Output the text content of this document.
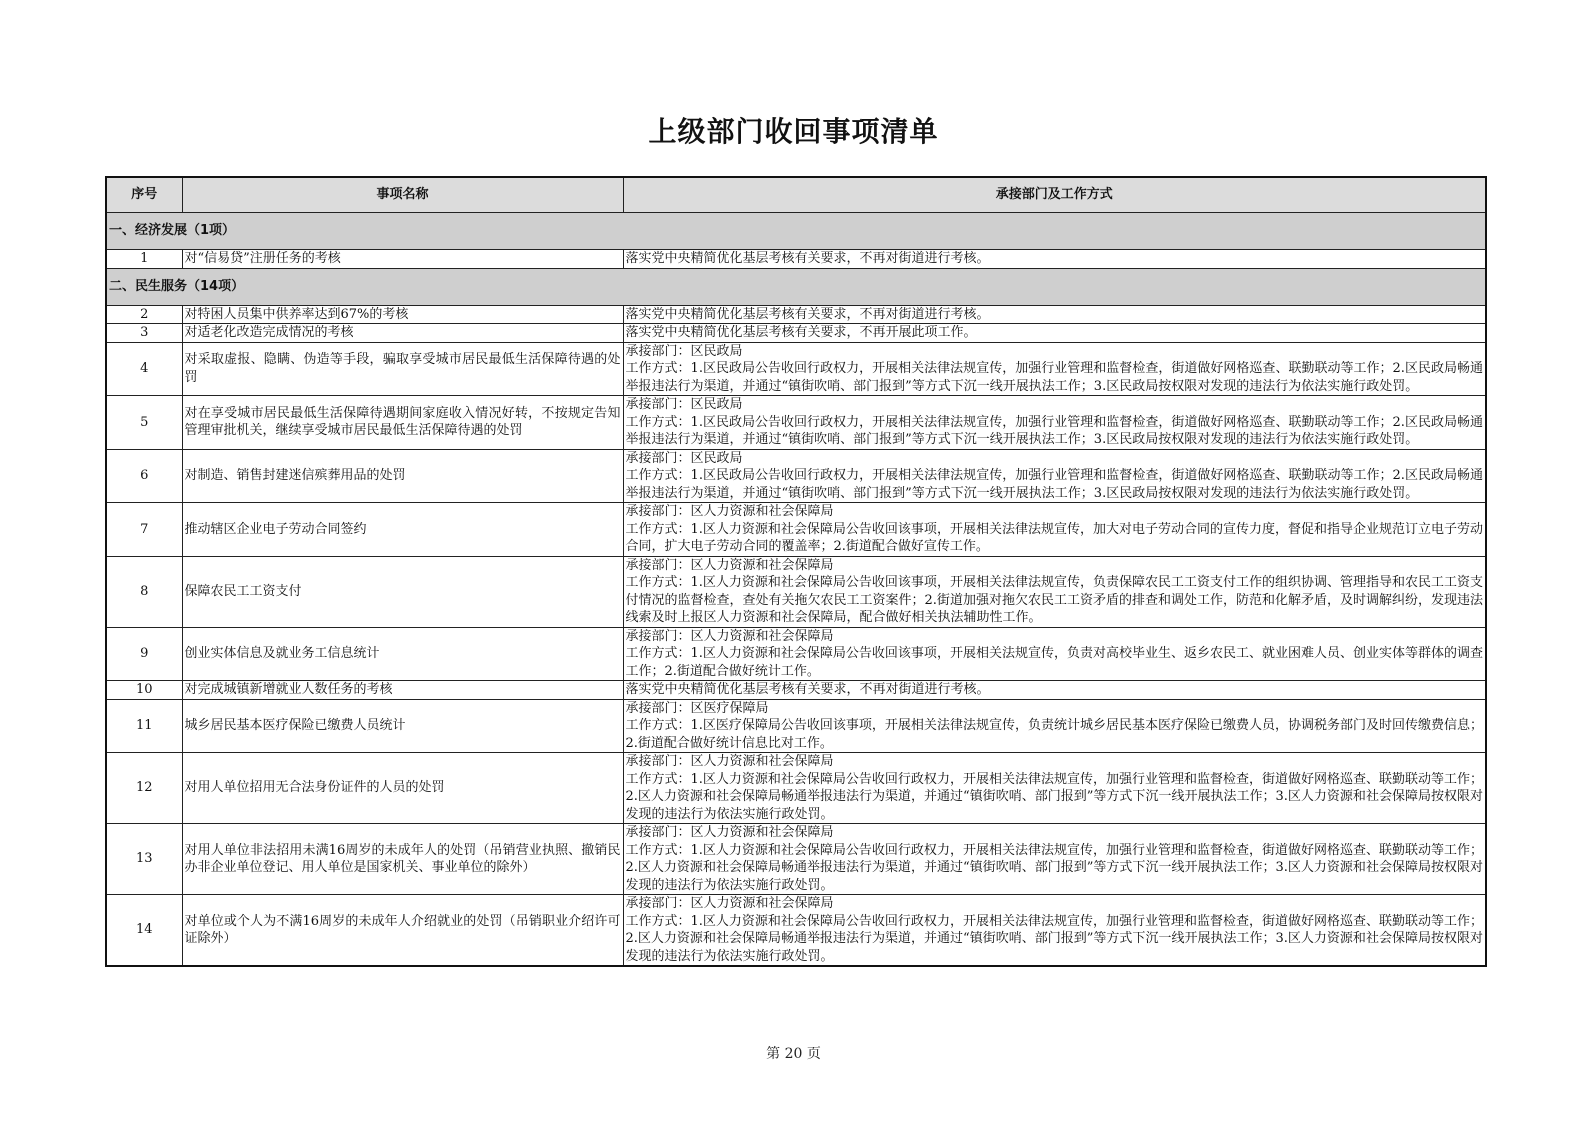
上级部门收回事项清单
序号	事项名称	承接部门及工作方式
一、经济发展（1项）		
1	对“信易贷”注册任务的考核	落实党中央精简优化基层考核有关要求，不再对街道进行考核。

二、民生服务（14项）		
2	对特困人员集中供养率达到67%的考核	落实党中央精简优化基层考核有关要求，不再对街道进行考核。

3	对适老化改造完成情况的考核	落实党中央精简优化基层考核有关要求，不再开展此项工作。

4	对采取虚报、隐瞒、伪造等手段，骗取享受城市居民最低生活保障待遇的处罚	承接部门：区民政局
工作方式：1.区民政局公告收回行政权力，开展相关法律法规宣传，加强行业管理和监督检查，街道做好网格巡查、联勤联动等工作；2.区民政局畅通举报违法行为渠道，并通过“镇街吹哨、部门报到”等方式下沉一线开展执法工作；3.区民政局按权限对发现的违法行为依法实施行政处罚。

5	对在享受城市居民最低生活保障待遇期间家庭收入情况好转，不按规定告知管理审批机关，继续享受城市居民最低生活保障待遇的处罚	承接部门：区民政局
工作方式：1.区民政局公告收回行政权力，开展相关法律法规宣传，加强行业管理和监督检查，街道做好网格巡查、联勤联动等工作；2.区民政局畅通举报违法行为渠道，并通过“镇街吹哨、部门报到”等方式下沉一线开展执法工作；3.区民政局按权限对发现的违法行为依法实施行政处罚。

6	对制造、销售封建迷信殡葬用品的处罚	承接部门：区民政局
工作方式：1.区民政局公告收回行政权力，开展相关法律法规宣传，加强行业管理和监督检查，街道做好网格巡查、联勤联动等工作；2.区民政局畅通举报违法行为渠道，并通过“镇街吹哨、部门报到”等方式下沉一线开展执法工作；3.区民政局按权限对发现的违法行为依法实施行政处罚。

7	推动辖区企业电子劳动合同签约	承接部门：区人力资源和社会保障局
工作方式：1.区人力资源和社会保障局公告收回该事项，开展相关法律法规宣传，加大对电子劳动合同的宣传力度，督促和指导企业规范订立电子劳动合同，扩大电子劳动合同的覆盖率；2.街道配合做好宣传工作。

8	保障农民工工资支付	承接部门：区人力资源和社会保障局
工作方式：1.区人力资源和社会保障局公告收回该事项，开展相关法律法规宣传，负责保障农民工工资支付工作的组织协调、管理指导和农民工工资支付情况的监督检查，查处有关拖欠农民工工资案件；2.街道加强对拖欠农民工工资矛盾的排查和调处工作，防范和化解矛盾，及时调解纠纷，发现违法线索及时上报区人力资源和社会保障局，配合做好相关执法辅助性工作。

9	创业实体信息及就业务工信息统计	承接部门：区人力资源和社会保障局
工作方式：1.区人力资源和社会保障局公告收回该事项，开展相关法规宣传，负责对高校毕业生、返乡农民工、就业困难人员、创业实体等群体的调查工作；2.街道配合做好统计工作。

10	对完成城镇新增就业人数任务的考核	落实党中央精简优化基层考核有关要求，不再对街道进行考核。

11	城乡居民基本医疗保险已缴费人员统计	承接部门：区医疗保障局
工作方式：1.区医疗保障局公告收回该事项，开展相关法律法规宣传，负责统计城乡居民基本医疗保险已缴费人员，协调税务部门及时回传缴费信息；2.街道配合做好统计信息比对工作。

12	对用人单位招用无合法身份证件的人员的处罚	承接部门：区人力资源和社会保障局
工作方式：1.区人力资源和社会保障局公告收回行政权力，开展相关法律法规宣传，加强行业管理和监督检查，街道做好网格巡查、联勤联动等工作；2.区人力资源和社会保障局畅通举报违法行为渠道，并通过“镇街吹哨、部门报到”等方式下沉一线开展执法工作；3.区人力资源和社会保障局按权限对发现的违法行为依法实施行政处罚。

13	对用人单位非法招用未满16周岁的未成年人的处罚（吊销营业执照、撤销民办非企业单位登记、用人单位是国家机关、事业单位的除外）	承接部门：区人力资源和社会保障局
工作方式：1.区人力资源和社会保障局公告收回行政权力，开展相关法律法规宣传，加强行业管理和监督检查，街道做好网格巡查、联勤联动等工作；2.区人力资源和社会保障局畅通举报违法行为渠道，并通过“镇街吹哨、部门报到”等方式下沉一线开展执法工作；3.区人力资源和社会保障局按权限对发现的违法行为依法实施行政处罚。

14	对单位或个人为不满16周岁的未成年人介绍就业的处罚（吊销职业介绍许可证除外）	承接部门：区人力资源和社会保障局
工作方式：1.区人力资源和社会保障局公告收回行政权力，开展相关法律法规宣传，加强行业管理和监督检查，街道做好网格巡查、联勤联动等工作；2.区人力资源和社会保障局畅通举报违法行为渠道，并通过“镇街吹哨、部门报到”等方式下沉一线开展执法工作；3.区人力资源和社会保障局按权限对发现的违法行为依法实施行政处罚。
第 20 页
